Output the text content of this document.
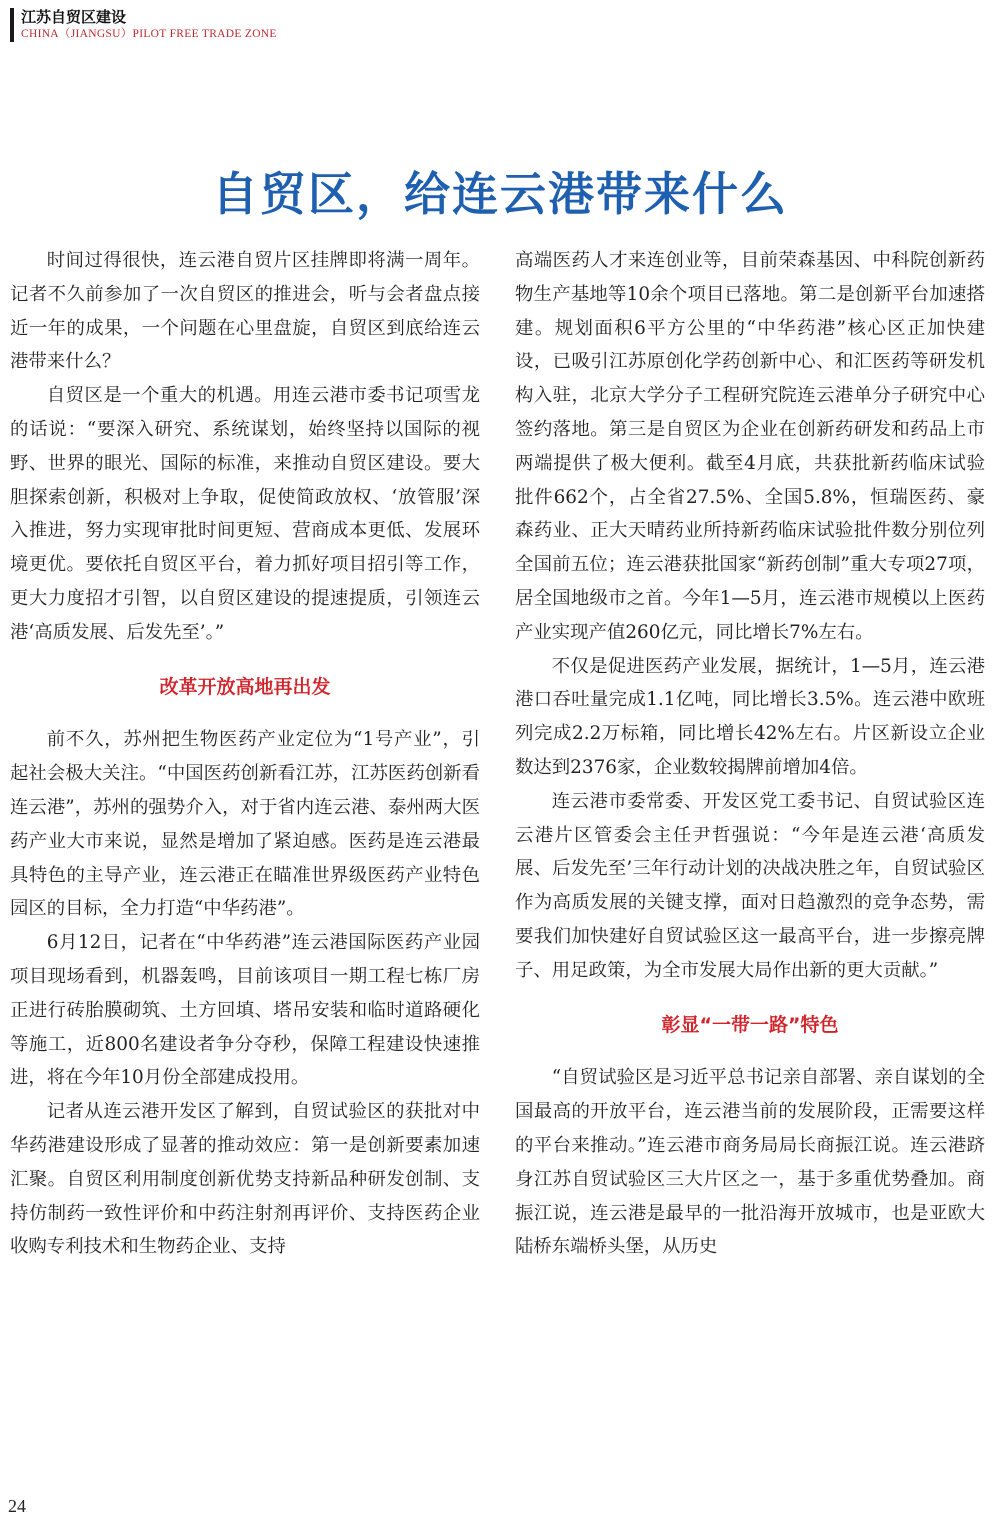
江苏自贸区建设
CHINA（JIANGSU）PILOT FREE TRADE ZONE
自贸区，给连云港带来什么

时间过得很快，连云港自贸片区挂牌即将满一周年。记者不久前参加了一次自贸区的推进会，听与会者盘点接近一年的成果，一个问题在心里盘旋，自贸区到底给连云港带来什么？

自贸区是一个重大的机遇。用连云港市委书记项雪龙的话说：“要深入研究、系统谋划，始终坚持以国际的视野、世界的眼光、国际的标准，来推动自贸区建设。要大胆探索创新，积极对上争取，促使简政放权、‘放管服’深入推进，努力实现审批时间更短、营商成本更低、发展环境更优。要依托自贸区平台，着力抓好项目招引等工作，更大力度招才引智，以自贸区建设的提速提质，引领连云港‘高质发展、后发先至’。”

改革开放高地再出发

前不久，苏州把生物医药产业定位为“1号产业”，引起社会极大关注。“中国医药创新看江苏，江苏医药创新看连云港”，苏州的强势介入，对于省内连云港、泰州两大医药产业大市来说，显然是增加了紧迫感。医药是连云港最具特色的主导产业，连云港正在瞄准世界级医药产业特色园区的目标，全力打造“中华药港”。

6月12日，记者在“中华药港”连云港国际医药产业园项目现场看到，机器轰鸣，目前该项目一期工程七栋厂房正进行砖胎膜砌筑、土方回填、塔吊安装和临时道路硬化等施工，近800名建设者争分夺秒，保障工程建设快速推进，将在今年10月份全部建成投用。

记者从连云港开发区了解到，自贸试验区的获批对中华药港建设形成了显著的推动效应：第一是创新要素加速汇聚。自贸区利用制度创新优势支持新品种研发创制、支持仿制药一致性评价和中药注射剂再评价、支持医药企业收购专利技术和生物药企业、支持

高端医药人才来连创业等，目前荣森基因、中科院创新药物生产基地等10余个项目已落地。第二是创新平台加速搭建。规划面积6平方公里的“中华药港”核心区正加快建设，已吸引江苏原创化学药创新中心、和汇医药等研发机构入驻，北京大学分子工程研究院连云港单分子研究中心签约落地。第三是自贸区为企业在创新药研发和药品上市两端提供了极大便利。截至4月底，共获批新药临床试验批件662个，占全省27.5%、全国5.8%，恒瑞医药、豪森药业、正大天晴药业所持新药临床试验批件数分别位列全国前五位；连云港获批国家“新药创制”重大专项27项，居全国地级市之首。今年1—5月，连云港市规模以上医药产业实现产值260亿元，同比增长7%左右。

不仅是促进医药产业发展，据统计，1—5月，连云港港口吞吐量完成1.1亿吨，同比增长3.5%。连云港中欧班列完成2.2万标箱，同比增长42%左右。片区新设立企业数达到2376家，企业数较揭牌前增加4倍。

连云港市委常委、开发区党工委书记、自贸试验区连云港片区管委会主任尹哲强说：“今年是连云港‘高质发展、后发先至’三年行动计划的决战决胜之年，自贸试验区作为高质发展的关键支撑，面对日趋激烈的竞争态势，需要我们加快建好自贸试验区这一最高平台，进一步擦亮牌子、用足政策，为全市发展大局作出新的更大贡献。”

彰显“一带一路”特色

“自贸试验区是习近平总书记亲自部署、亲自谋划的全国最高的开放平台，连云港当前的发展阶段，正需要这样的平台来推动。”连云港市商务局局长商振江说。连云港跻身江苏自贸试验区三大片区之一，基于多重优势叠加。商振江说，连云港是最早的一批沿海开放城市，也是亚欧大陆桥东端桥头堡，从历史

24
